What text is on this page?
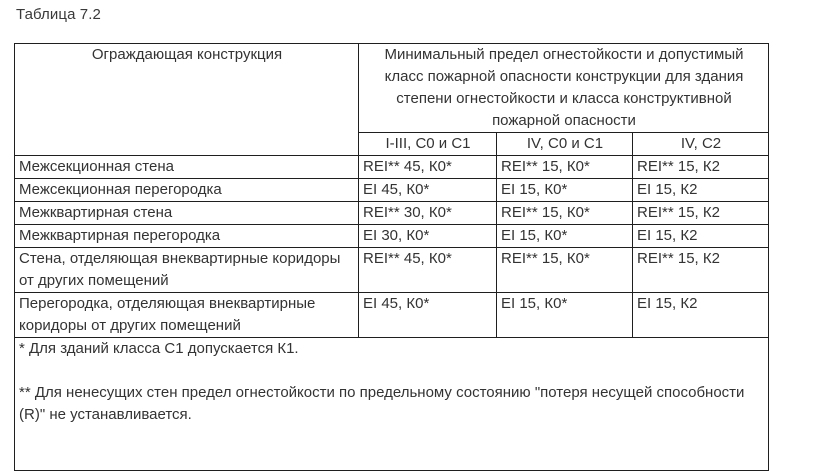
Таблица 7.2
Ограждающая конструкция	Минимальный предел огнестойкости и допустимый класс пожарной опасности конструкции для здания степени огнестойкости и класса конструктивной пожарной опасности		
	I-III, С0 и С1	IV, С0 и С1	IV, С2
Межсекционная стена	REI** 45, К0*	REI** 15, К0*	REI** 15, К2
Межсекционная перегородка	EI 45, К0*	EI 15, К0*	EI 15, К2
Межквартирная стена	REI** 30, К0*	REI** 15, К0*	REI** 15, К2
Межквартирная перегородка	EI 30, К0*	EI 15, К0*	EI 15, К2
Стена, отделяющая внеквартирные коридоры от других помещений	REI** 45, К0*	REI** 15, К0*	REI** 15, К2
Перегородка, отделяющая внеквартирные коридоры от других помещений	EI 45, К0*	EI 15, К0*	EI 15, К2

* Для зданий класса С1 допускается К1.
** Для ненесущих стен предел огнестойкости по предельному состоянию "потеря несущей способности (R)" не устанавливается.			
